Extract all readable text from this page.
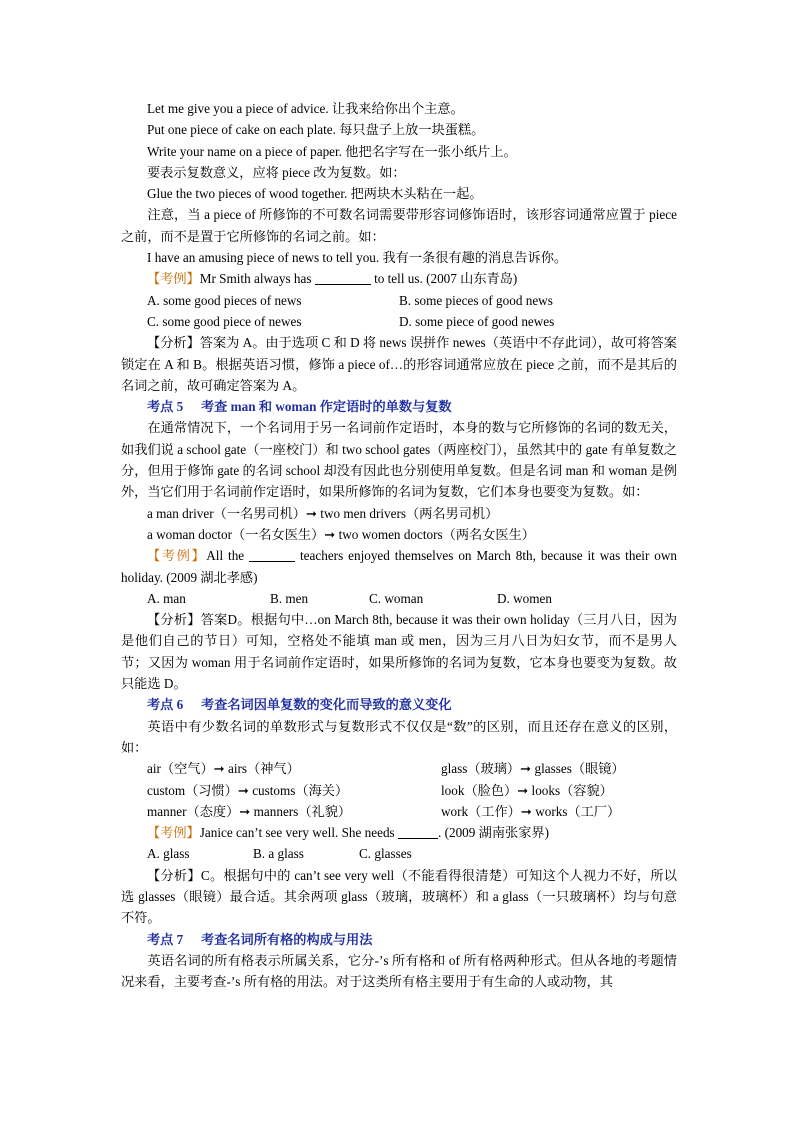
Let me give you a piece of advice. 让我来给你出个主意。

Put one piece of cake on each plate. 每只盘子上放一块蛋糕。

Write your name on a piece of paper. 他把名字写在一张小纸片上。

要表示复数意义，应将 piece 改为复数。如：

Glue the two pieces of wood together. 把两块木头粘在一起。

注意，当 a piece of 所修饰的不可数名词需要带形容词修饰语时，该形容词通常应置于 piece 之前，而不是置于它所修饰的名词之前。如：

I have an amusing piece of news to tell you. 我有一条很有趣的消息告诉你。

【考例】Mr Smith always has	to tell us. (2007 山东青岛)

A. some good pieces of news	B. some pieces of good news
C. some good piece of newes	D. some piece of good newes

【分析】答案为 A。由于选项 C 和 D 将 news 误拼作 newes（英语中不存此词），故可将答案锁定在 A 和 B。根据英语习惯，修饰 a piece of…的形容词通常应放在 piece 之前，而不是其后的名词之前，故可确定答案为 A。

考点 5 考查 man 和 woman 作定语时的单数与复数

在通常情况下，一个名词用于另一名词前作定语时，本身的数与它所修饰的名词的数无关，如我们说 a school gate（一座校门）和 two school gates（两座校门），虽然其中的 gate 有单复数之分，但用于修饰 gate 的名词 school 却没有因此也分别使用单复数。但是名词 man 和 woman 是例外，当它们用于名词前作定语时，如果所修饰的名词为复数，它们本身也要变为复数。如：

a man driver（一名男司机）➞ two men drivers（两名男司机）

a woman doctor（一名女医生）➞ two women doctors（两名女医生）

【考例】All the	teachers enjoyed themselves on March 8th, because it was their own holiday. (2009 湖北孝感)

A. man	B. men	C. woman	D. women

【分析】答案D。根据句中…on March 8th, because it was their own holiday（三月八日，因为是他们自己的节日）可知，空格处不能填 man 或 men，因为三月八日为妇女节，而不是男人节；又因为 woman 用于名词前作定语时，如果所修饰的名词为复数，它本身也要变为复数。故只能选 D。

考点 6 考查名词因单复数的变化而导致的意义变化

英语中有少数名词的单数形式与复数形式不仅仅是“数”的区别，而且还存在意义的区别，如：

air（空气）➞ airs（神气）	glass（玻璃）➞ glasses（眼镜）
custom（习惯）➞ customs（海关）	look（脸色）➞ looks（容貌）
manner（态度）➞ manners（礼貌）	work（工作）➞ works（工厂）

【考例】Janice can’t see very well. She needs	. (2009 湖南张家界)

A. glass	B. a glass	C. glasses

【分析】C。根据句中的 can’t see very well（不能看得很清楚）可知这个人视力不好，所以选 glasses（眼镜）最合适。其余两项 glass（玻璃，玻璃杯）和 a glass（一只玻璃杯）均与句意不符。

考点 7 考查名词所有格的构成与用法

英语名词的所有格表示所属关系，它分-’s 所有格和 of 所有格两种形式。但从各地的考题情况来看，主要考查-’s 所有格的用法。对于这类所有格主要用于有生命的人或动物，其
